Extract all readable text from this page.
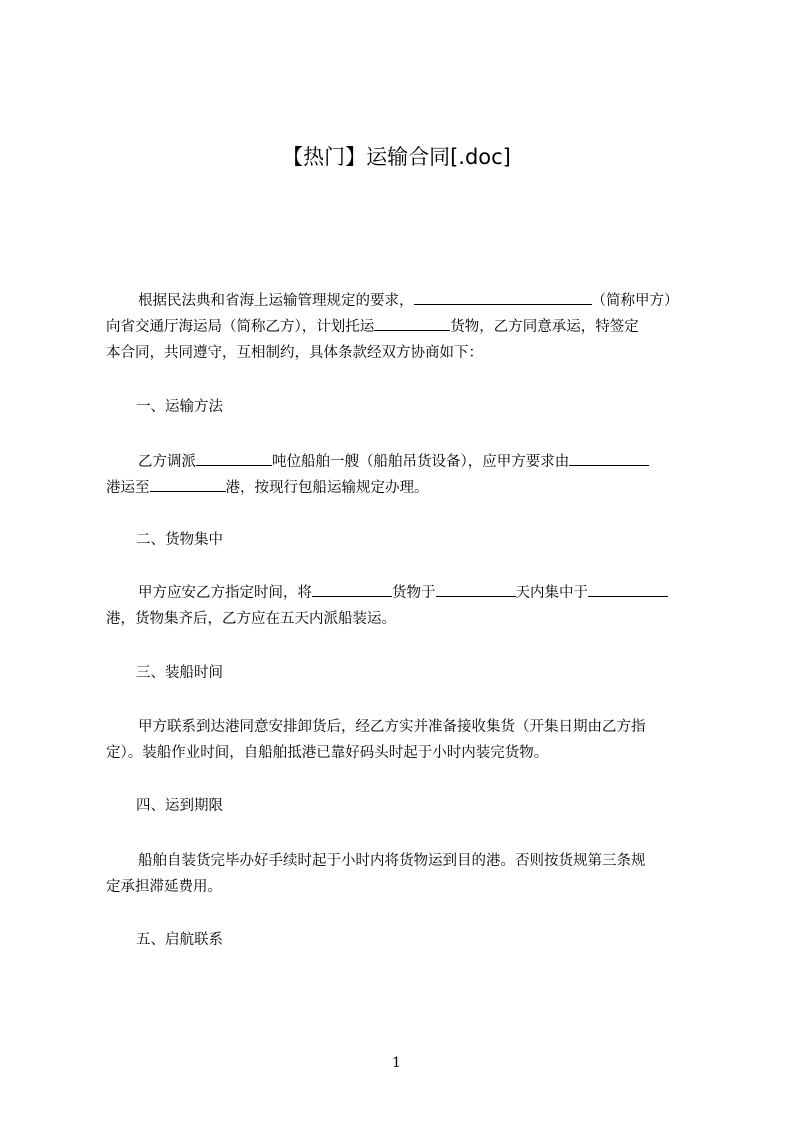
【热门】运输合同[.doc]
根据民法典和省海上运输管理规定的要求，	（简称甲方）
向省交通厅海运局（简称乙方），计划托运	货物，乙方同意承运，特签定
本合同，共同遵守，互相制约，具体条款经双方协商如下：
一、运输方法
乙方调派	吨位船舶一艘（船舶吊货设备），应甲方要求由
港运至	港，按现行包船运输规定办理。
二、货物集中
甲方应安乙方指定时间，将	货物于	天内集中于
港，货物集齐后，乙方应在五天内派船装运。
三、装船时间
甲方联系到达港同意安排卸货后，经乙方实并准备接收集货（开集日期由乙方指
定）。装船作业时间，自船舶抵港已靠好码头时起于小时内装完货物。
四、运到期限
船舶自装货完毕办好手续时起于小时内将货物运到目的港。否则按货规第三条规
定承担滞延费用。
五、启航联系
1
